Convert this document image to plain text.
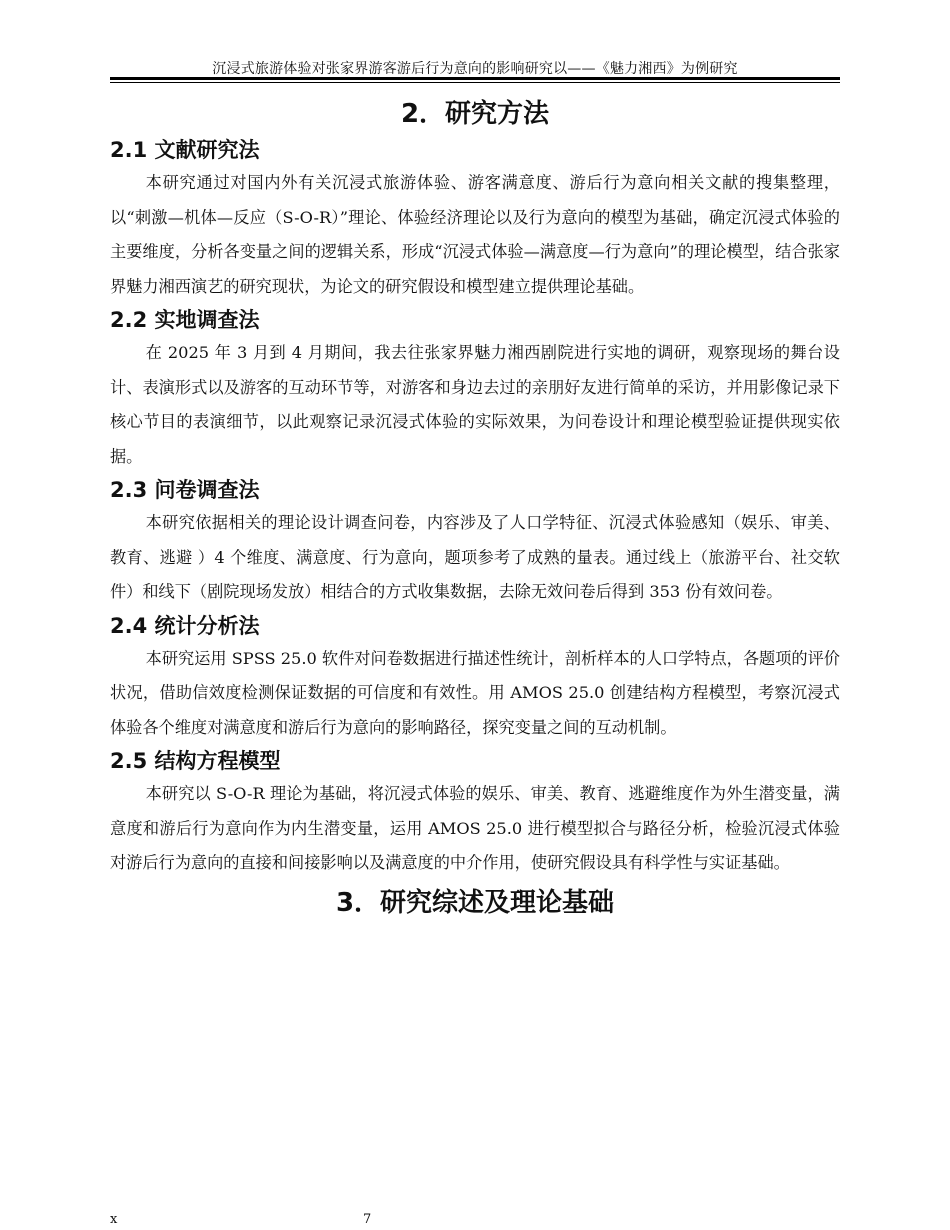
沉浸式旅游体验对张家界游客游后行为意向的影响研究以——《魅力湘西》为例研究
2．研究方法
2.1 文献研究法

本研究通过对国内外有关沉浸式旅游体验、游客满意度、游后行为意向相关文献的搜集整理，以“刺激—机体—反应（S-O-R）”理论、体验经济理论以及行为意向的模型为基础，确定沉浸式体验的主要维度，分析各变量之间的逻辑关系，形成“沉浸式体验—满意度—行为意向”的理论模型，结合张家界魅力湘西演艺的研究现状，为论文的研究假设和模型建立提供理论基础。

2.2 实地调查法

在 2025 年 3 月到 4 月期间，我去往张家界魅力湘西剧院进行实地的调研，观察现场的舞台设计、表演形式以及游客的互动环节等，对游客和身边去过的亲朋好友进行简单的采访，并用影像记录下核心节目的表演细节，以此观察记录沉浸式体验的实际效果，为问卷设计和理论模型验证提供现实依据。

2.3 问卷调查法

本研究依据相关的理论设计调查问卷，内容涉及了人口学特征、沉浸式体验感知（娱乐、审美、教育、逃避 ）4 个维度、满意度、行为意向，题项参考了成熟的量表。通过线上（旅游平台、社交软件）和线下（剧院现场发放）相结合的方式收集数据，去除无效问卷后得到 353 份有效问卷。

2.4 统计分析法

本研究运用 SPSS 25.0 软件对问卷数据进行描述性统计，剖析样本的人口学特点，各题项的评价状况，借助信效度检测保证数据的可信度和有效性。用 AMOS 25.0 创建结构方程模型，考察沉浸式体验各个维度对满意度和游后行为意向的影响路径，探究变量之间的互动机制。

2.5 结构方程模型

本研究以 S-O-R 理论为基础，将沉浸式体验的娱乐、审美、教育、逃避维度作为外生潜变量，满意度和游后行为意向作为内生潜变量，运用 AMOS 25.0 进行模型拟合与路径分析，检验沉浸式体验对游后行为意向的直接和间接影响以及满意度的中介作用，使研究假设具有科学性与实证基础。

3．研究综述及理论基础
x	7
